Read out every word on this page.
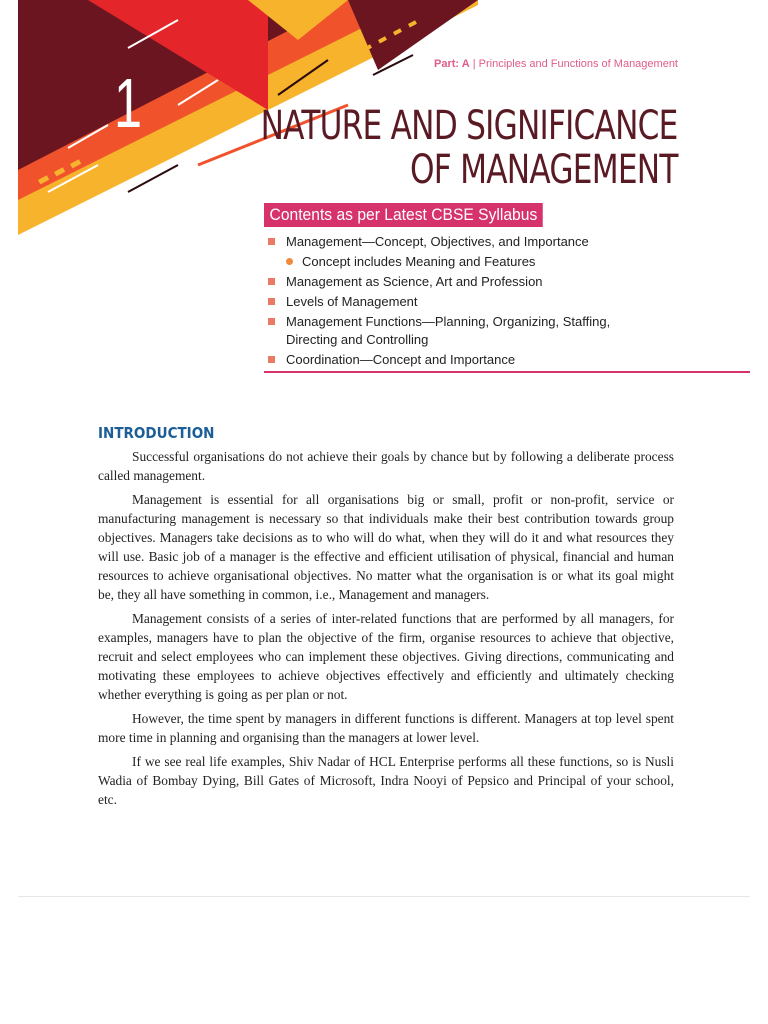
1	Part: A | Principles and Functions of Management
NATURE AND SIGNIFICANCE
OF MANAGEMENT
Contents as per Latest CBSE Syllabus
Management—Concept, Objectives, and Importance
Concept includes Meaning and Features
Management as Science, Art and Profession
Levels of Management
Management Functions—Planning, Organizing, Staffing, Directing and Controlling
Coordination—Concept and Importance
INTRODUCTION

Successful organisations do not achieve their goals by chance but by following a deliberate process called management.

Management is essential for all organisations big or small, profit or non-profit, service or manufacturing management is necessary so that individuals make their best contribution towards group objectives. Managers take decisions as to who will do what, when they will do it and what resources they will use. Basic job of a manager is the effective and efficient utilisation of physical, financial and human resources to achieve organisational objectives. No matter what the organisation is or what its goal might be, they all have something in common, i.e., Management and managers.

Management consists of a series of inter-related functions that are performed by all managers, for examples, managers have to plan the objective of the firm, organise resources to achieve that objective, recruit and select employees who can implement these objectives. Giving directions, communicating and motivating these employees to achieve objectives effectively and efficiently and ultimately checking whether everything is going as per plan or not.

However, the time spent by managers in different functions is different. Managers at top level spent more time in planning and organising than the managers at lower level.

If we see real life examples, Shiv Nadar of HCL Enterprise performs all these functions, so is Nusli Wadia of Bombay Dying, Bill Gates of Microsoft, Indra Nooyi of Pepsico and Principal of your school, etc.
